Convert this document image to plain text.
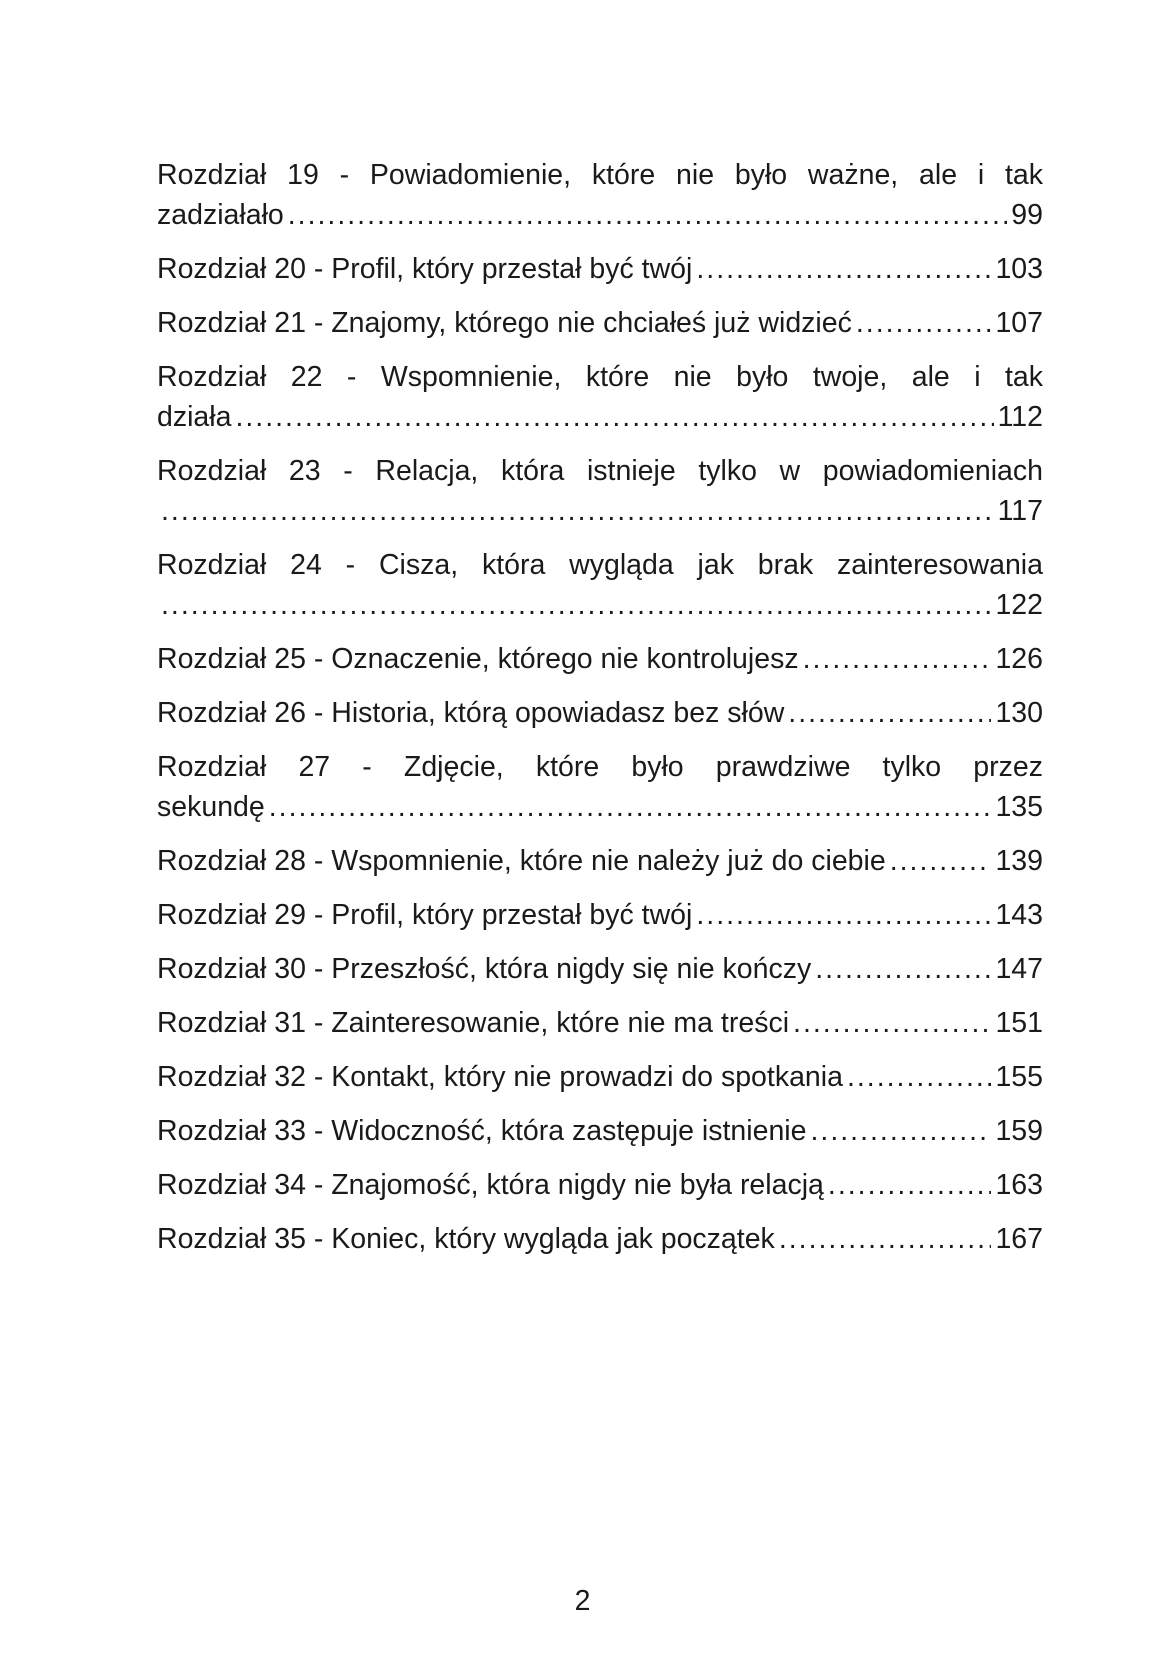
Rozdział 19 - Powiadomienie, które nie było ważne, ale i tak
zadziałało .....	99
Rozdział 20 - Profil, który przestał być twój .....	103
Rozdział 21 - Znajomy, którego nie chciałeś już widzieć .....	107
Rozdział 22 - Wspomnienie, które nie było twoje, ale i tak
działa .....	112
Rozdział 23 - Relacja, która istnieje tylko w powiadomieniach
.....
117
Rozdział 24 - Cisza, która wygląda jak brak zainteresowania
.....
122
Rozdział 25 - Oznaczenie, którego nie kontrolujesz .....	126
Rozdział 26 - Historia, którą opowiadasz bez słów .....	130
Rozdział 27 - Zdjęcie, które było prawdziwe tylko przez
sekundę .....	135
Rozdział 28 - Wspomnienie, które nie należy już do ciebie .....	139
Rozdział 29 - Profil, który przestał być twój .....	143
Rozdział 30 - Przeszłość, która nigdy się nie kończy .....	147
Rozdział 31 - Zainteresowanie, które nie ma treści .....	151
Rozdział 32 - Kontakt, który nie prowadzi do spotkania .....	155
Rozdział 33 - Widoczność, która zastępuje istnienie .....	159
Rozdział 34 - Znajomość, która nigdy nie była relacją .....	163
Rozdział 35 - Koniec, który wygląda jak początek .....	167
2
